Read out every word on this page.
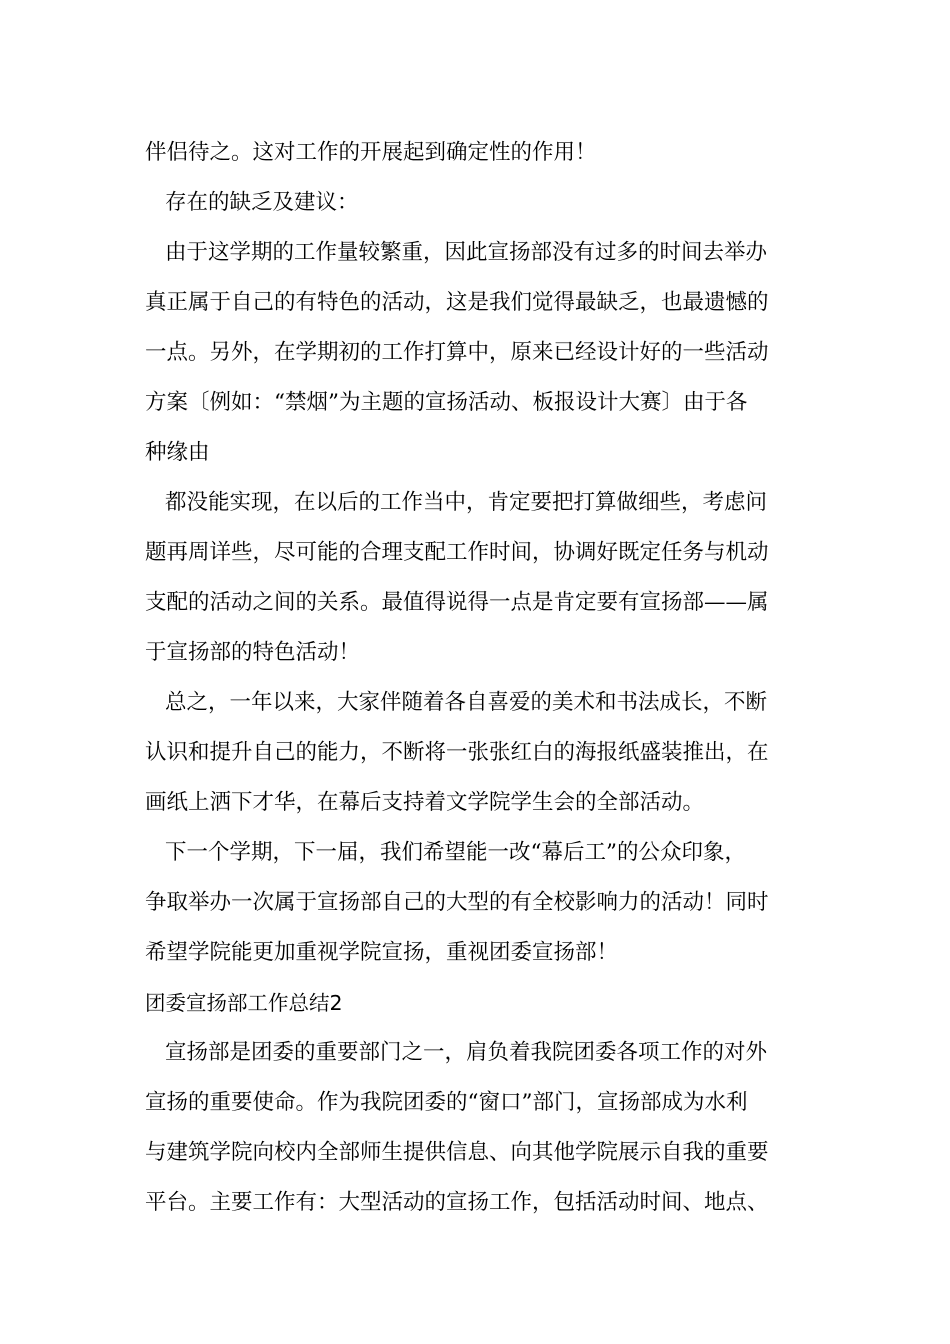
伴侣待之。这对工作的开展起到确定性的作用！
存在的缺乏及建议：
由于这学期的工作量较繁重，因此宣扬部没有过多的时间去举办
真正属于自己的有特色的活动，这是我们觉得最缺乏，也最遗憾的
一点。另外，在学期初的工作打算中，原来已经设计好的一些活动
方案〔例如：“禁烟”为主题的宣扬活动、板报设计大赛〕由于各
种缘由
都没能实现，在以后的工作当中，肯定要把打算做细些，考虑问
题再周详些，尽可能的合理支配工作时间，协调好既定任务与机动
支配的活动之间的关系。最值得说得一点是肯定要有宣扬部——属
于宣扬部的特色活动！
总之，一年以来，大家伴随着各自喜爱的美术和书法成长，不断
认识和提升自己的能力，不断将一张张红白的海报纸盛装推出，在
画纸上洒下才华，在幕后支持着文学院学生会的全部活动。
下一个学期，下一届，我们希望能一改“幕后工”的公众印象，
争取举办一次属于宣扬部自己的大型的有全校影响力的活动！同时
希望学院能更加重视学院宣扬，重视团委宣扬部！
团委宣扬部工作总结2
宣扬部是团委的重要部门之一，肩负着我院团委各项工作的对外
宣扬的重要使命。作为我院团委的“窗口”部门，宣扬部成为水利
与建筑学院向校内全部师生提供信息、向其他学院展示自我的重要
平台。主要工作有：大型活动的宣扬工作，包括活动时间、地点、
